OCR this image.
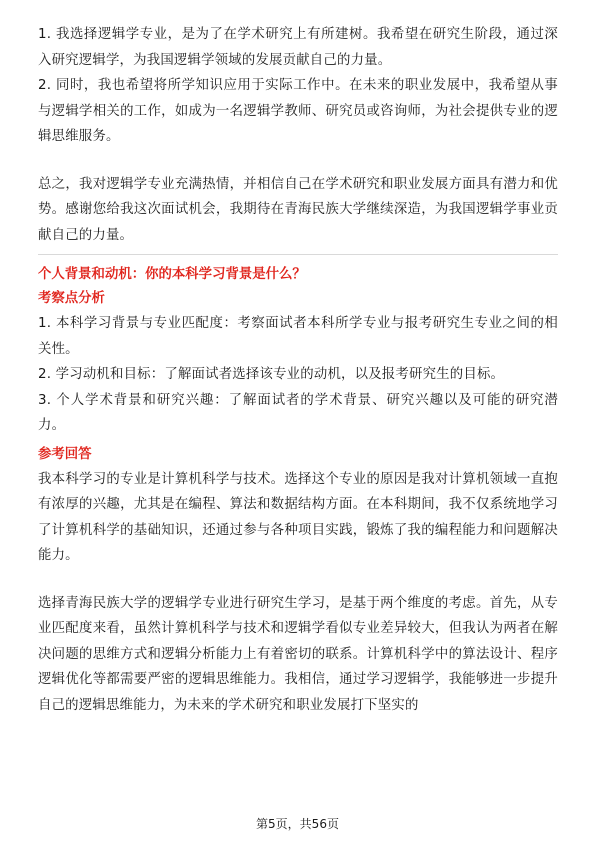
1. 我选择逻辑学专业，是为了在学术研究上有所建树。我希望在研究生阶段，通过深入研究逻辑学，为我国逻辑学领域的发展贡献自己的力量。

2. 同时，我也希望将所学知识应用于实际工作中。在未来的职业发展中，我希望从事与逻辑学相关的工作，如成为一名逻辑学教师、研究员或咨询师，为社会提供专业的逻辑思维服务。

总之，我对逻辑学专业充满热情，并相信自己在学术研究和职业发展方面具有潜力和优势。感谢您给我这次面试机会，我期待在青海民族大学继续深造，为我国逻辑学事业贡献自己的力量。

个人背景和动机：你的本科学习背景是什么？

考察点分析

1. 本科学习背景与专业匹配度：考察面试者本科所学专业与报考研究生专业之间的相关性。

2. 学习动机和目标：了解面试者选择该专业的动机，以及报考研究生的目标。

3. 个人学术背景和研究兴趣：了解面试者的学术背景、研究兴趣以及可能的研究潜力。

参考回答

我本科学习的专业是计算机科学与技术。选择这个专业的原因是我对计算机领域一直抱有浓厚的兴趣，尤其是在编程、算法和数据结构方面。在本科期间，我不仅系统地学习了计算机科学的基础知识，还通过参与各种项目实践，锻炼了我的编程能力和问题解决能力。

选择青海民族大学的逻辑学专业进行研究生学习，是基于两个维度的考虑。首先，从专业匹配度来看，虽然计算机科学与技术和逻辑学看似专业差异较大，但我认为两者在解决问题的思维方式和逻辑分析能力上有着密切的联系。计算机科学中的算法设计、程序逻辑优化等都需要严密的逻辑思维能力。我相信，通过学习逻辑学，我能够进一步提升自己的逻辑思维能力，为未来的学术研究和职业发展打下坚实的

第5页，共56页
